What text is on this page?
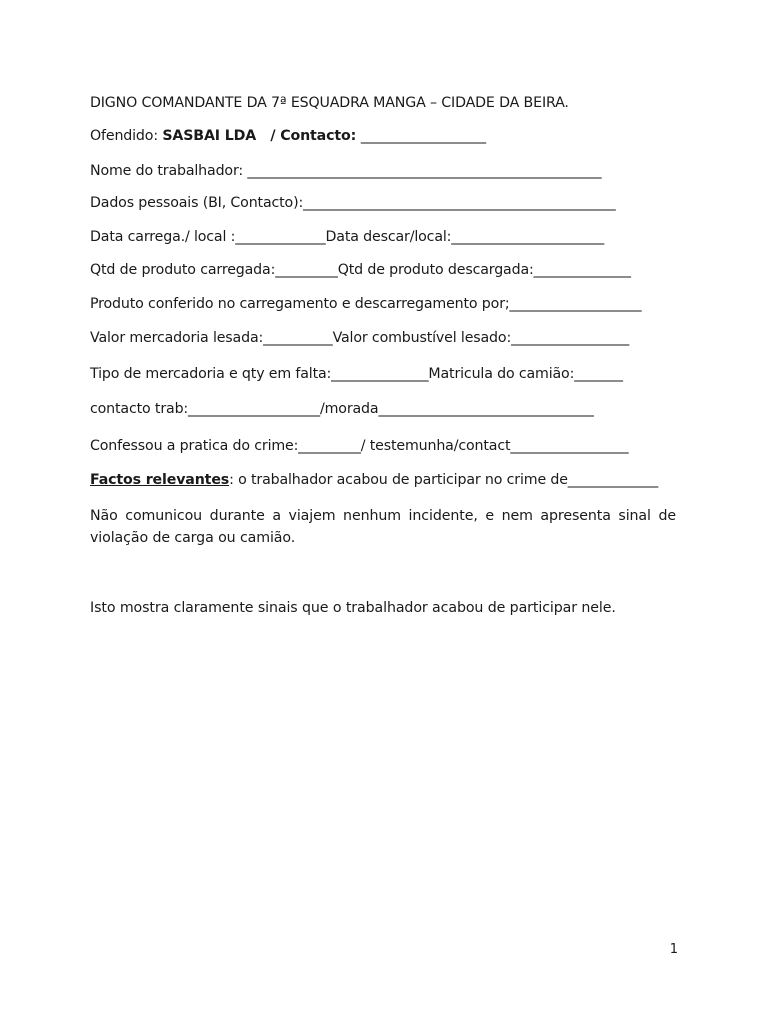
DIGNO COMANDANTE DA 7ª ESQUADRA MANGA – CIDADE DA BEIRA.
Ofendido: SASBAI LDA   / Contacto: __________________
Nome do trabalhador: ___________________________________________________
Dados pessoais (BI, Contacto):_____________________________________________
Data carrega./ local :_____________Data descar/local:______________________
Qtd de produto carregada:_________Qtd de produto descargada:______________
Produto conferido no carregamento e descarregamento por;___________________
Valor mercadoria lesada:__________Valor combustível lesado:_________________
Tipo de mercadoria e qty em falta:______________Matricula do camião:_______
contacto trab:___________________/morada_______________________________
Confessou a pratica do crime:_________/ testemunha/contact_________________
Factos relevantes: o trabalhador acabou de participar no crime de_____________
Não comunicou durante a viajem nenhum incidente, e nem apresenta sinal de violação de carga ou camião.
Isto mostra claramente sinais que o trabalhador acabou de participar nele.
1
